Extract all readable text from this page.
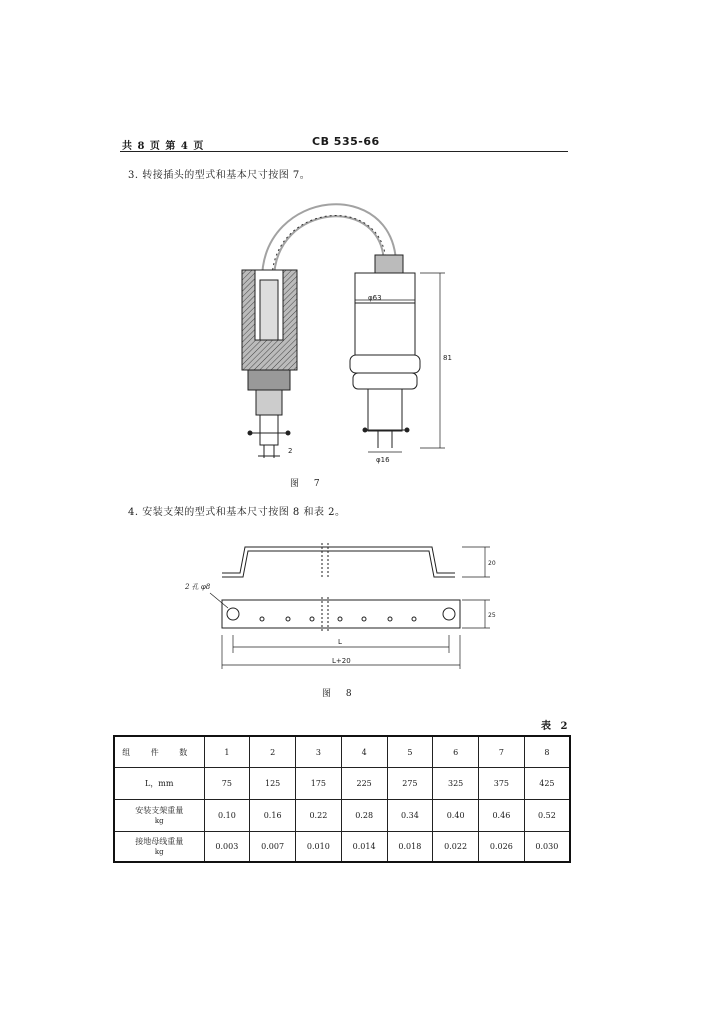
共 8 页 第 4 页	CB 535-66
3. 转接插头的型式和基本尺寸按图 7。
φ63
81
φ16
2
图 7
4. 安装支架的型式和基本尺寸按图 8 和表 2。
L
L+20
20
25
2 孔 φ8
图 8
表 2
组 件 数	1	2	3	4	5	6	7	8
L，mm	75	125	175	225	275	325	375	425
安装支架重量
kg	0.10	0.16	0.22	0.28	0.34	0.40	0.46	0.52
接地母线重量
kg	0.003	0.007	0.010	0.014	0.018	0.022	0.026	0.030
